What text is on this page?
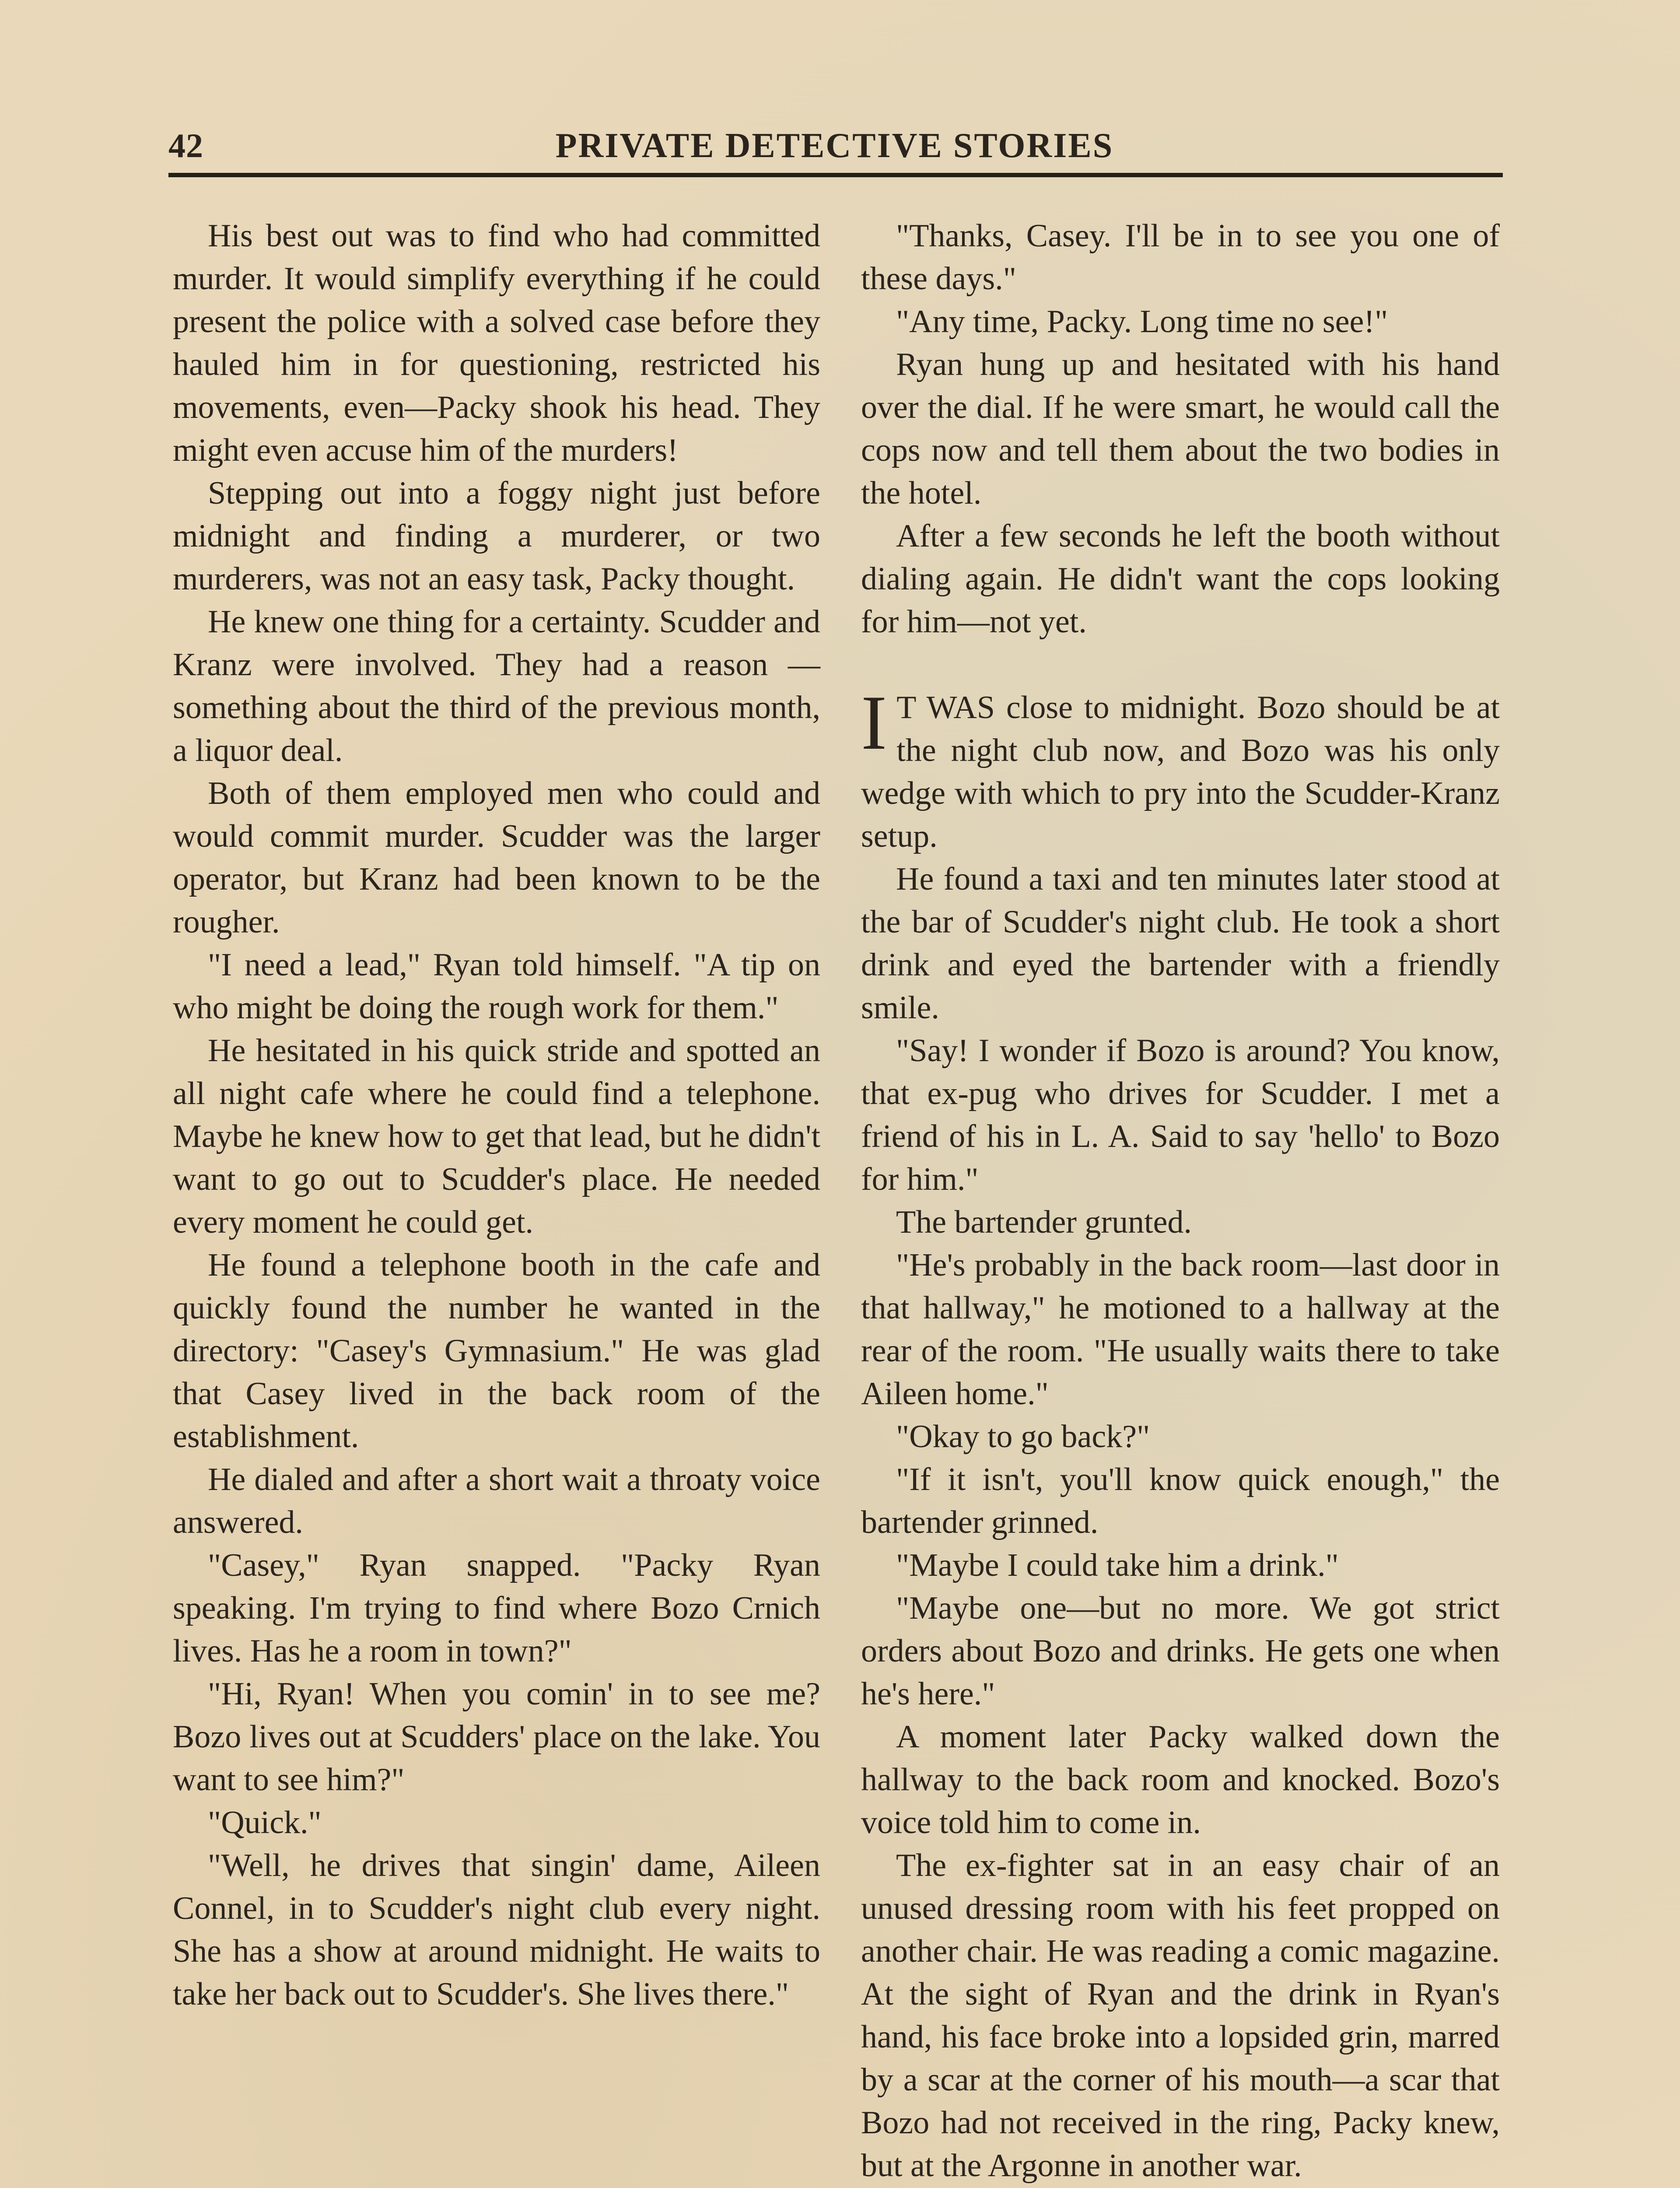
42	PRIVATE DETECTIVE STORIES

His best out was to find who had committed murder. It would simplify everything if he could present the police with a solved case before they hauled him in for questioning, restricted his movements, even—Packy shook his head. They might even accuse him of the murders!

Stepping out into a foggy night just before midnight and finding a murderer, or two murderers, was not an easy task, Packy thought.

He knew one thing for a certainty. Scudder and Kranz were involved. They had a reason — something about the third of the previous month, a liquor deal.

Both of them employed men who could and would commit murder. Scudder was the larger operator, but Kranz had been known to be the rougher.

"I need a lead," Ryan told himself. "A tip on who might be doing the rough work for them."

He hesitated in his quick stride and spotted an all night cafe where he could find a telephone. Maybe he knew how to get that lead, but he didn't want to go out to Scudder's place. He needed every moment he could get.

He found a telephone booth in the cafe and quickly found the number he wanted in the directory: "Casey's Gymnasium." He was glad that Casey lived in the back room of the establishment.

He dialed and after a short wait a throaty voice answered.

"Casey," Ryan snapped. "Packy Ryan speaking. I'm trying to find where Bozo Crnich lives. Has he a room in town?"

"Hi, Ryan! When you comin' in to see me? Bozo lives out at Scudders' place on the lake. You want to see him?"

"Quick."

"Well, he drives that singin' dame, Aileen Connel, in to Scudder's night club every night. She has a show at around midnight. He waits to take her back out to Scudder's. She lives there."

"Thanks, Casey. I'll be in to see you one of these days."

"Any time, Packy. Long time no see!"

Ryan hung up and hesitated with his hand over the dial. If he were smart, he would call the cops now and tell them about the two bodies in the hotel.

After a few seconds he left the booth without dialing again. He didn't want the cops looking for him—not yet.

I T WAS close to midnight. Bozo should be at the night club now, and Bozo was his only wedge with which to pry into the Scudder-Kranz setup.

He found a taxi and ten minutes later stood at the bar of Scudder's night club. He took a short drink and eyed the bartender with a friendly smile.

"Say! I wonder if Bozo is around? You know, that ex-pug who drives for Scudder. I met a friend of his in L. A. Said to say 'hello' to Bozo for him."

The bartender grunted.

"He's probably in the back room—last door in that hallway," he motioned to a hallway at the rear of the room. "He usually waits there to take Aileen home."

"Okay to go back?"

"If it isn't, you'll know quick enough," the bartender grinned.

"Maybe I could take him a drink."

"Maybe one—but no more. We got strict orders about Bozo and drinks. He gets one when he's here."

A moment later Packy walked down the hallway to the back room and knocked. Bozo's voice told him to come in.

The ex-fighter sat in an easy chair of an unused dressing room with his feet propped on another chair. He was reading a comic magazine. At the sight of Ryan and the drink in Ryan's hand, his face broke into a lopsided grin, marred by a scar at the corner of his mouth—a scar that Bozo had not received in the ring, Packy knew, but at the Argonne in another war.
